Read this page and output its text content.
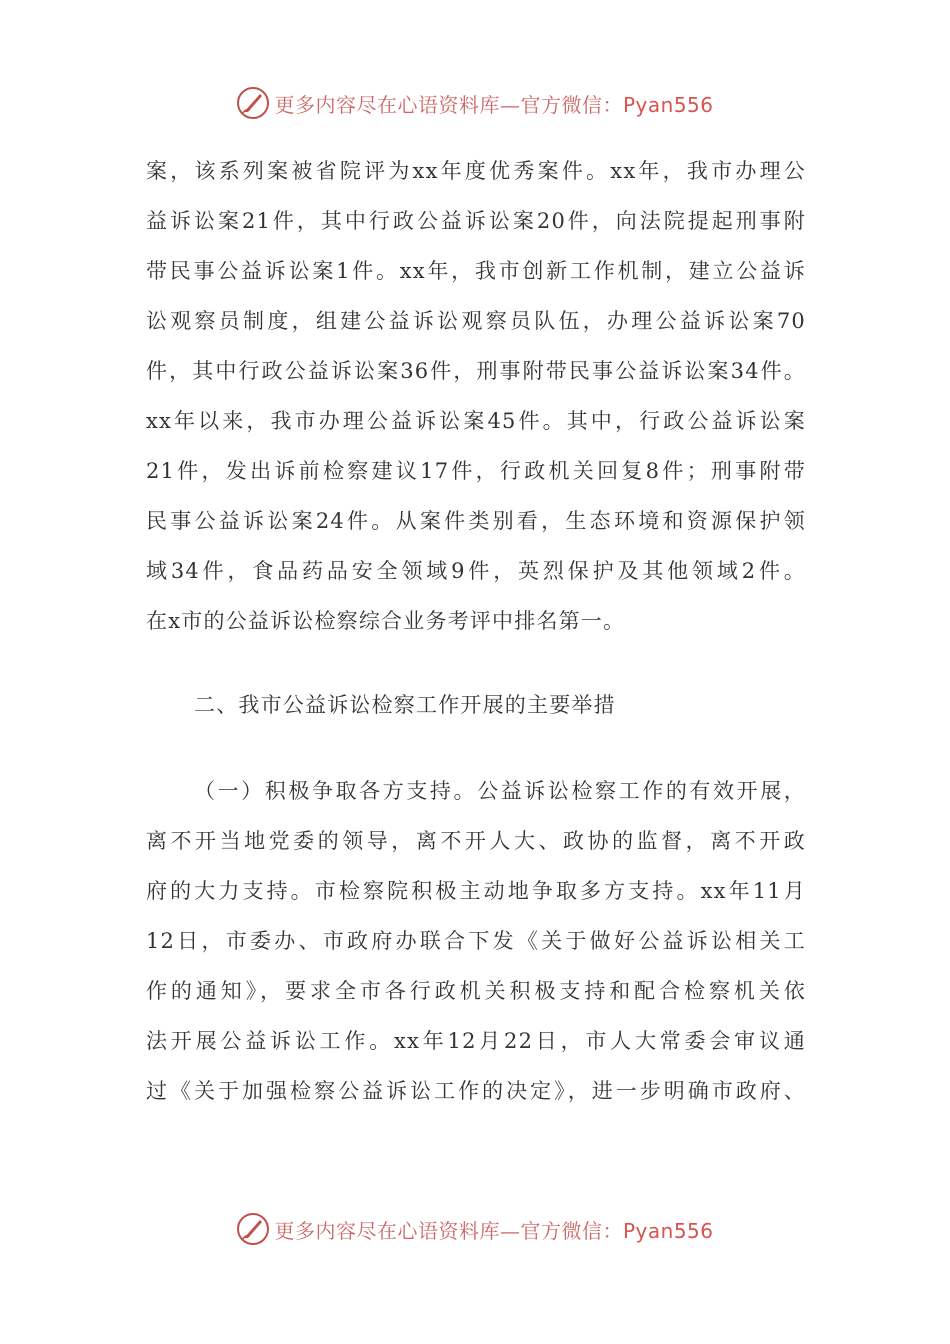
更多内容尽在心语资料库—官方微信：Pyan556
案，该系列案被省院评为xx年度优秀案件。xx年，我市办理公
益诉讼案21件，其中行政公益诉讼案20件，向法院提起刑事附
带民事公益诉讼案1件。xx年，我市创新工作机制，建立公益诉
讼观察员制度，组建公益诉讼观察员队伍，办理公益诉讼案70
件，其中行政公益诉讼案36件，刑事附带民事公益诉讼案34件。
xx年以来，我市办理公益诉讼案45件。其中，行政公益诉讼案
21件，发出诉前检察建议17件，行政机关回复8件；刑事附带
民事公益诉讼案24件。从案件类别看，生态环境和资源保护领
域34件，食品药品安全领域9件，英烈保护及其他领域2件。
在x市的公益诉讼检察综合业务考评中排名第一。
二、我市公益诉讼检察工作开展的主要举措
（一）积极争取各方支持。公益诉讼检察工作的有效开展，
离不开当地党委的领导，离不开人大、政协的监督，离不开政
府的大力支持。市检察院积极主动地争取多方支持。xx年11月
12日，市委办、市政府办联合下发《关于做好公益诉讼相关工
作的通知》，要求全市各行政机关积极支持和配合检察机关依
法开展公益诉讼工作。xx年12月22日，市人大常委会审议通
过《关于加强检察公益诉讼工作的决定》，进一步明确市政府、
更多内容尽在心语资料库—官方微信：Pyan556
